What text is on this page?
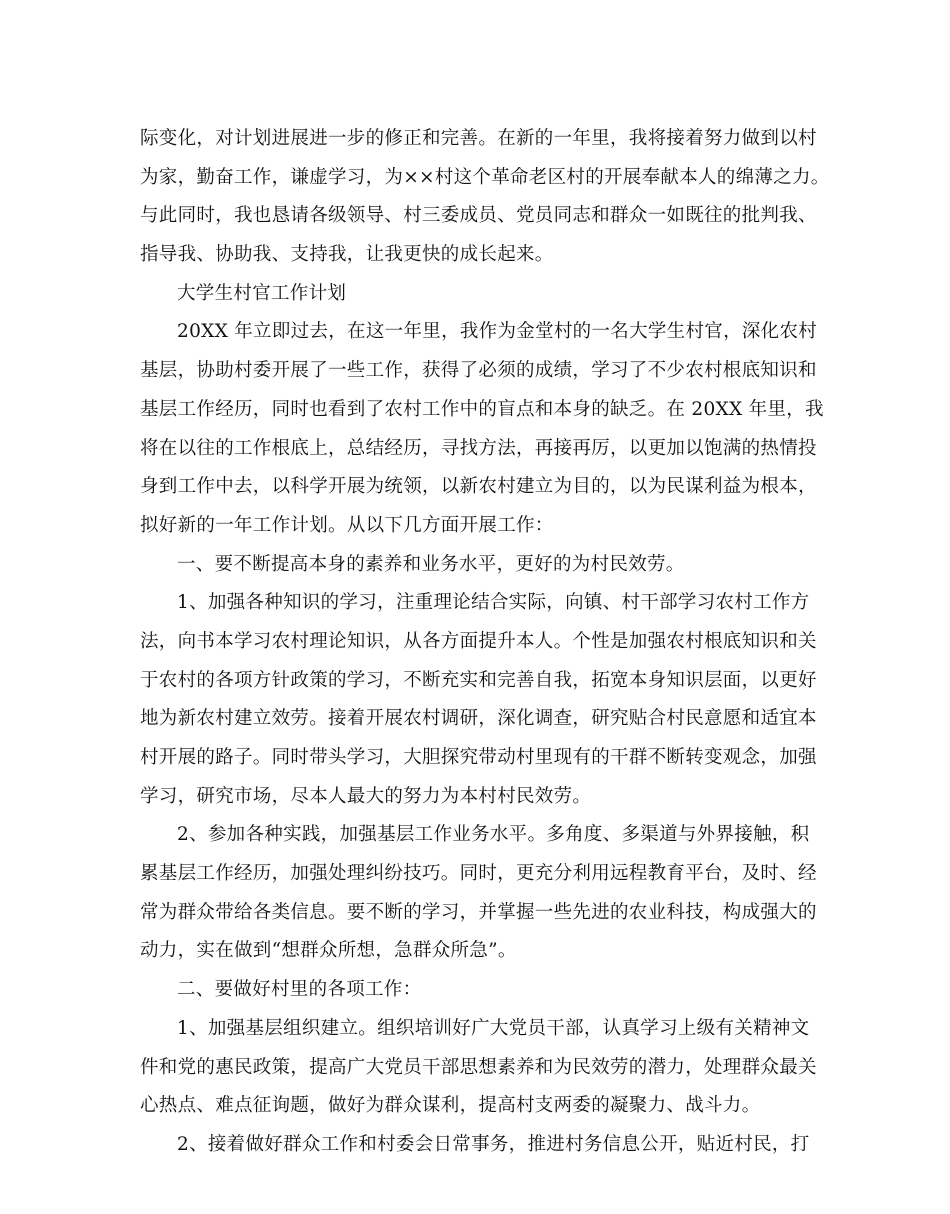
际变化，对计划进展进一步的修正和完善。在新的一年里，我将接着努力做到以村
为家，勤奋工作，谦虚学习，为××村这个革命老区村的开展奉献本人的绵薄之力。
与此同时，我也恳请各级领导、村三委成员、党员同志和群众一如既往的批判我、
指导我、协助我、支持我，让我更快的成长起来。
大学生村官工作计划
20XX 年立即过去，在这一年里，我作为金堂村的一名大学生村官，深化农村
基层，协助村委开展了一些工作，获得了必须的成绩，学习了不少农村根底知识和
基层工作经历，同时也看到了农村工作中的盲点和本身的缺乏。在 20XX 年里，我
将在以往的工作根底上，总结经历，寻找方法，再接再厉，以更加以饱满的热情投
身到工作中去，以科学开展为统领，以新农村建立为目的，以为民谋利益为根本，
拟好新的一年工作计划。从以下几方面开展工作：
一、要不断提高本身的素养和业务水平，更好的为村民效劳。
1、加强各种知识的学习，注重理论结合实际，向镇、村干部学习农村工作方
法，向书本学习农村理论知识，从各方面提升本人。个性是加强农村根底知识和关
于农村的各项方针政策的学习，不断充实和完善自我，拓宽本身知识层面，以更好
地为新农村建立效劳。接着开展农村调研，深化调查，研究贴合村民意愿和适宜本
村开展的路子。同时带头学习，大胆探究带动村里现有的干群不断转变观念，加强
学习，研究市场，尽本人最大的努力为本村村民效劳。
2、参加各种实践，加强基层工作业务水平。多角度、多渠道与外界接触，积
累基层工作经历，加强处理纠纷技巧。同时，更充分利用远程教育平台，及时、经
常为群众带给各类信息。要不断的学习，并掌握一些先进的农业科技，构成强大的
动力，实在做到“想群众所想，急群众所急”。
二、要做好村里的各项工作：
1、加强基层组织建立。组织培训好广大党员干部，认真学习上级有关精神文
件和党的惠民政策，提高广大党员干部思想素养和为民效劳的潜力，处理群众最关
心热点、难点征询题，做好为群众谋利，提高村支两委的凝聚力、战斗力。
2、接着做好群众工作和村委会日常事务，推进村务信息公开，贴近村民，打
